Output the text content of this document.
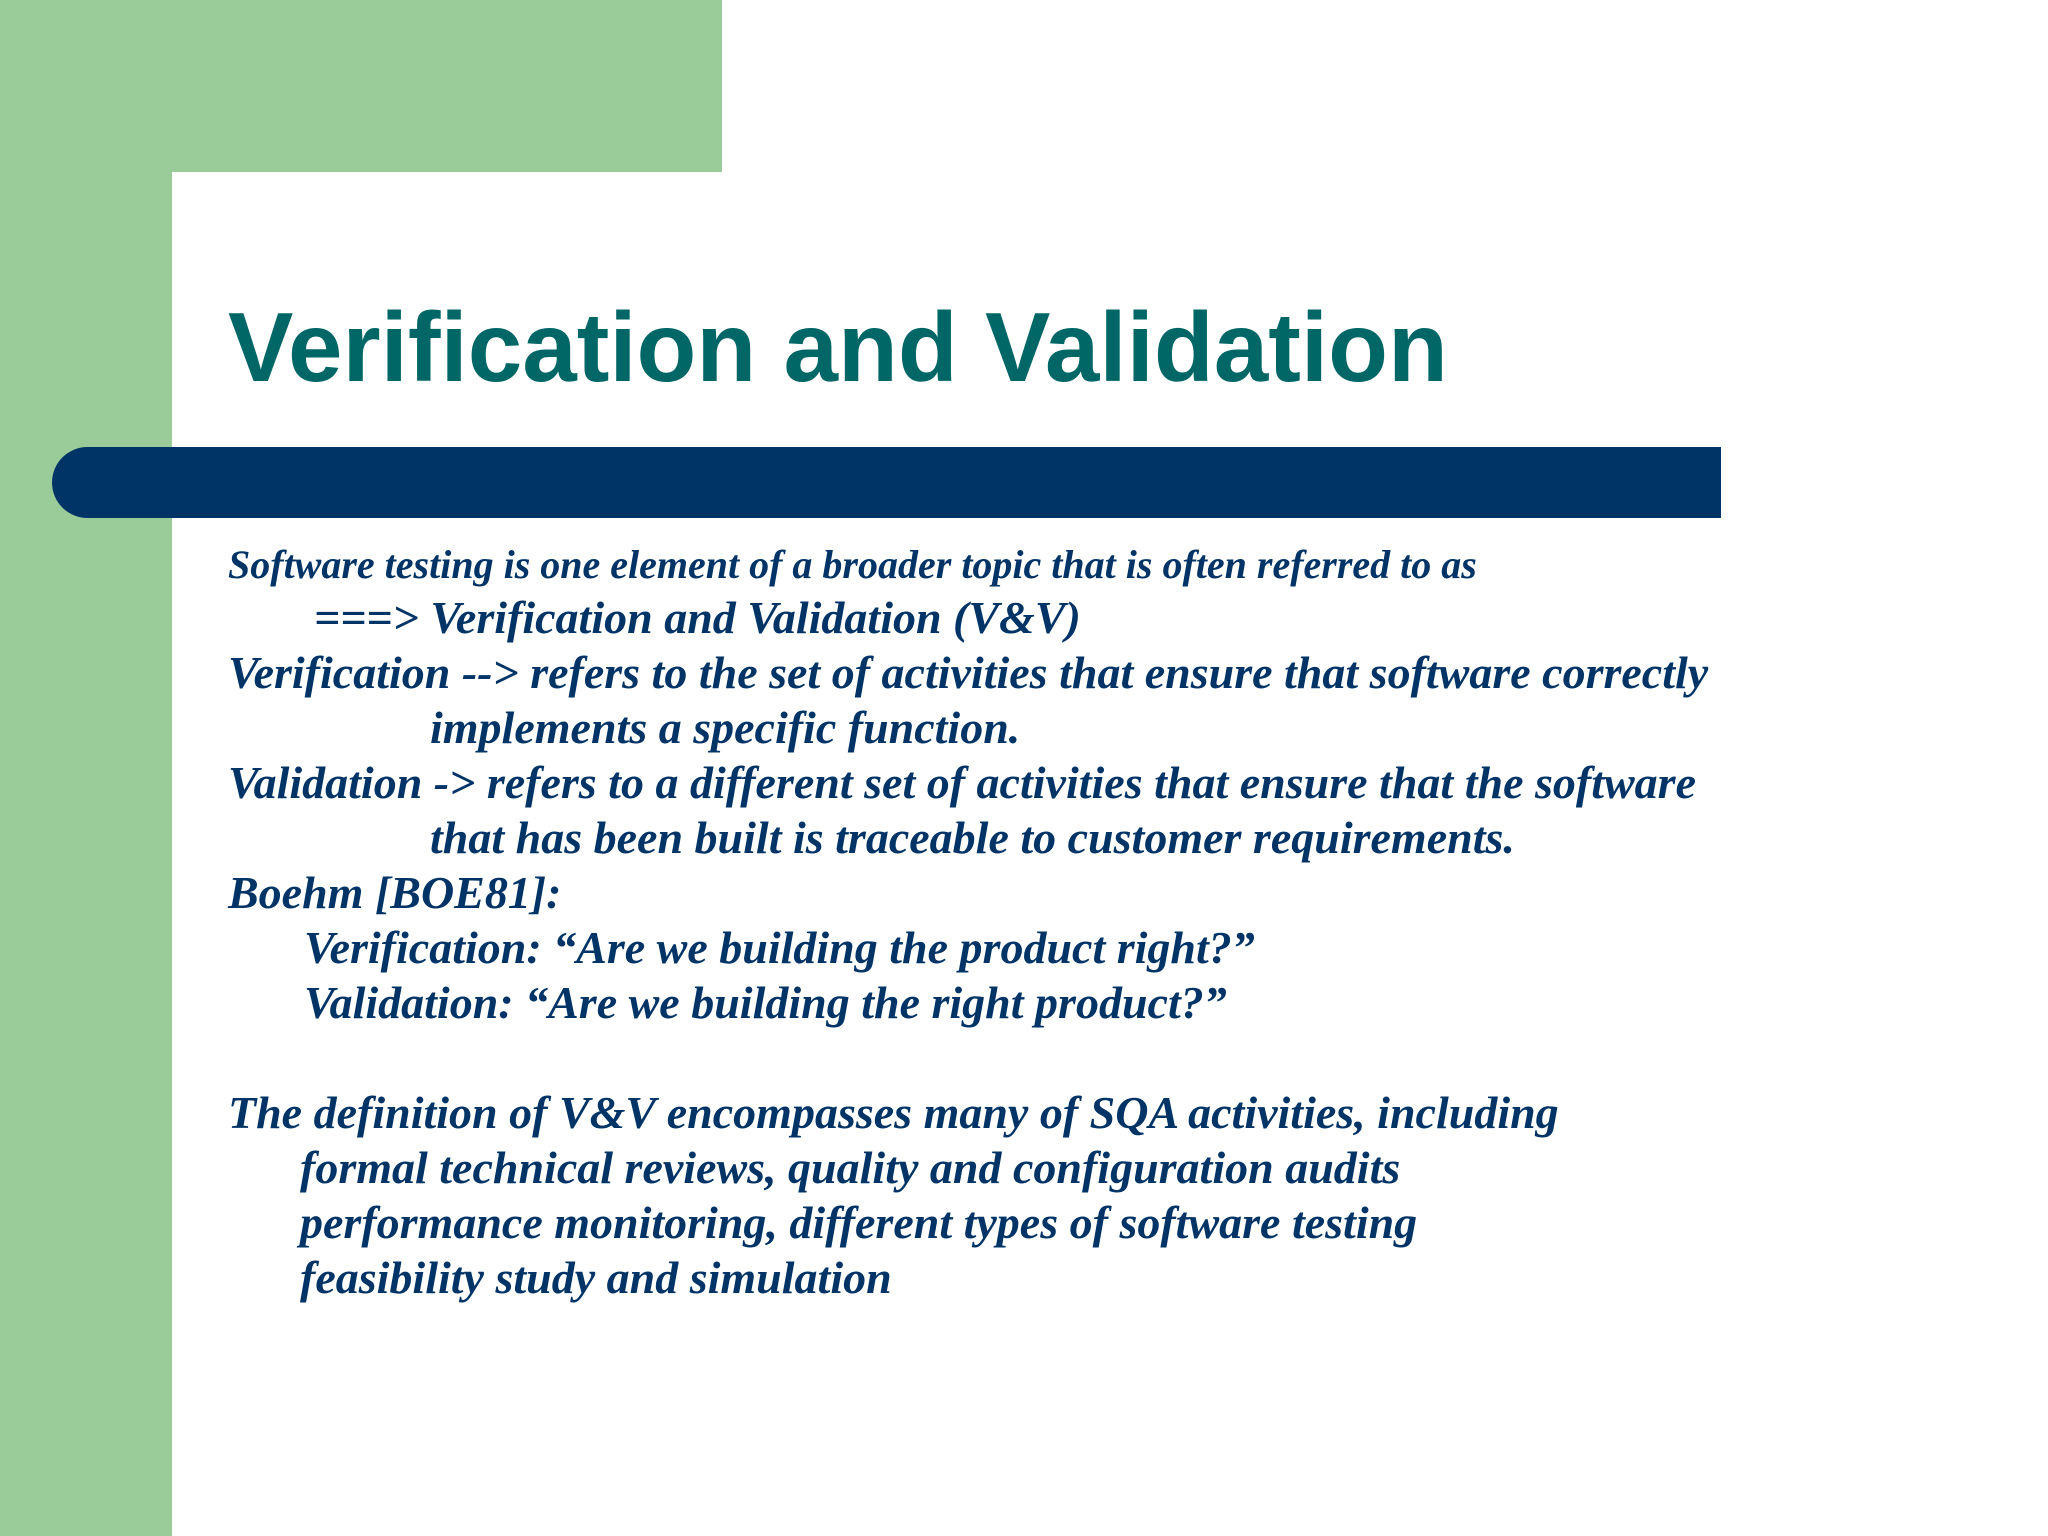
Verification and Validation

Software testing is one element of a broader topic that is often referred to as

===> Verification and Validation (V&V)

Verification --> refers to the set of activities that ensure that software correctly

implements a specific function.

Validation -> refers to a different set of activities that ensure that the software

that has been built is traceable to customer requirements.

Boehm [BOE81]:

Verification: “Are we building the product right?”

Validation: “Are we building the right product?”

The definition of V&V encompasses many of SQA activities, including

formal technical reviews, quality and configuration audits

performance monitoring, different types of software testing

feasibility study and simulation
